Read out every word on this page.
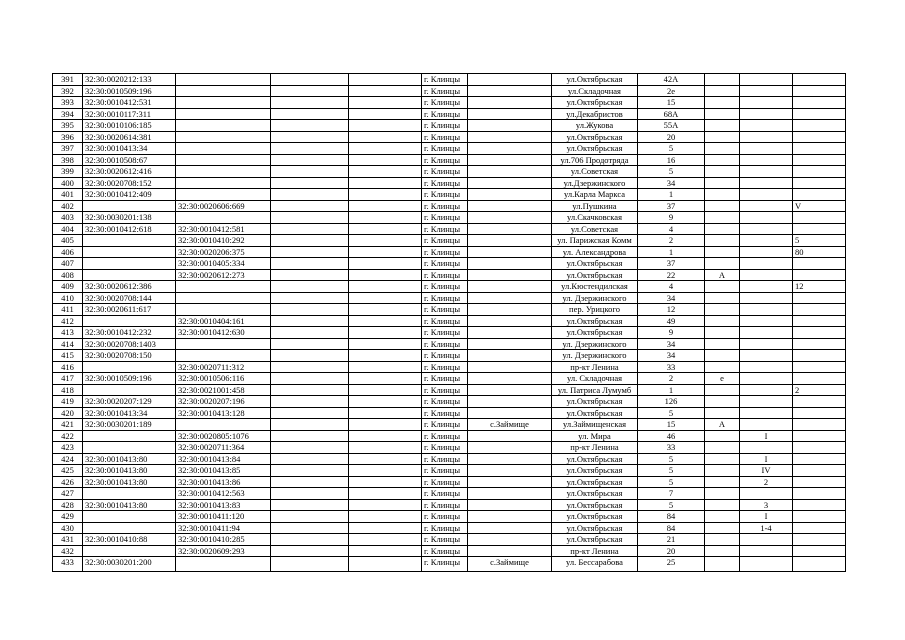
391	32:30:0020212:133				г. Клинцы		ул.Октябрьская	42А			
392	32:30:0010509:196				г. Клинцы		ул.Складочная	2е			
393	32:30:0010412:531				г. Клинцы		ул.Октябрьская	15			
394	32:30:0010117:311				г. Клинцы		ул.Декабристов	68А			
395	32:30:0010106:185				г. Клинцы		ул.Жукова	55А			
396	32:30:0020614:381				г. Клинцы		ул.Октябрьская	20			
397	32:30:0010413:34				г. Клинцы		ул.Октябрьская	5			
398	32:30:0010508:67				г. Клинцы		ул.706 Продотряда	16			
399	32:30:0020612:416				г. Клинцы		ул.Советская	5			
400	32:30:0020708:152				г. Клинцы		ул.Дзержинского	34			
401	32:30:0010412:409				г. Клинцы		ул.Карла Маркса	1			
402		32:30:0020606:669			г. Клинцы		ул.Пушкина	37			V
403	32:30:0030201:138				г. Клинцы		ул.Скачковская	9			
404	32:30:0010412:618	32:30:0010412:581			г. Клинцы		ул.Советская	4			
405		32:30:0010410:292			г. Клинцы		ул. Парижская Комм	2			5
406		32:30:0020206:375			г. Клинцы		ул. Александрова	1			80
407		32:30:0010405:334			г. Клинцы		ул.Октябрьская	37			
408		32:30:0020612:273			г. Клинцы		ул.Октябрьская	22	А		
409	32:30:0020612:386				г. Клинцы		ул.Кюстендилская	4			12
410	32:30:0020708:144				г. Клинцы		ул. Дзержинского	34			
411	32:30:0020611:617				г. Клинцы		пер. Урицкого	12			
412		32:30:0010404:161			г. Клинцы		ул.Октябрьская	49			
413	32:30:0010412:232	32:30:0010412:630			г. Клинцы		ул.Октябрьская	9			
414	32:30:0020708:1403				г. Клинцы		ул. Дзержинского	34			
415	32:30:0020708:150				г. Клинцы		ул. Дзержинского	34			
416		32:30:0020711:312			г. Клинцы		пр-кт Ленина	33			
417	32:30:0010509:196	32:30:0010506:116			г. Клинцы		ул. Складочная	2	е		
418		32:30:0021001:458			г. Клинцы		ул. Патриса Лумумб	1			2
419	32:30:0020207:129	32:30:0020207:196			г. Клинцы		ул.Октябрьская	126			
420	32:30:0010413:34	32:30:0010413:128			г. Клинцы		ул.Октябрьская	5			
421	32:30:0030201:189				г. Клинцы	с.Займище	ул.Займищенская	15	А		
422		32:30:0020805:1076			г. Клинцы		ул. Мира	46		I	
423		32:30:0020711:364			г. Клинцы		пр-кт Ленина	33			
424	32:30:0010413:80	32:30:0010413:84			г. Клинцы		ул.Октябрьская	5		I	
425	32:30:0010413:80	32:30:0010413:85			г. Клинцы		ул.Октябрьская	5		IV	
426	32:30:0010413:80	32:30:0010413:86			г. Клинцы		ул.Октябрьская	5		2	
427		32:30:0010412:563			г. Клинцы		ул.Октябрьская	7			
428	32:30:0010413:80	32:30:0010413:83			г. Клинцы		ул.Октябрьская	5		3	
429		32:30:0010411:120			г. Клинцы		ул.Октябрьская	84		I	
430		32:30:0010411:94			г. Клинцы		ул.Октябрьская	84		1-4	
431	32:30:0010410:88	32:30:0010410:285			г. Клинцы		ул.Октябрьская	21			
432		32:30:0020609:293			г. Клинцы		пр-кт Ленина	20			
433	32:30:0030201:200				г. Клинцы	с.Займище	ул. Бессарабова	25			
